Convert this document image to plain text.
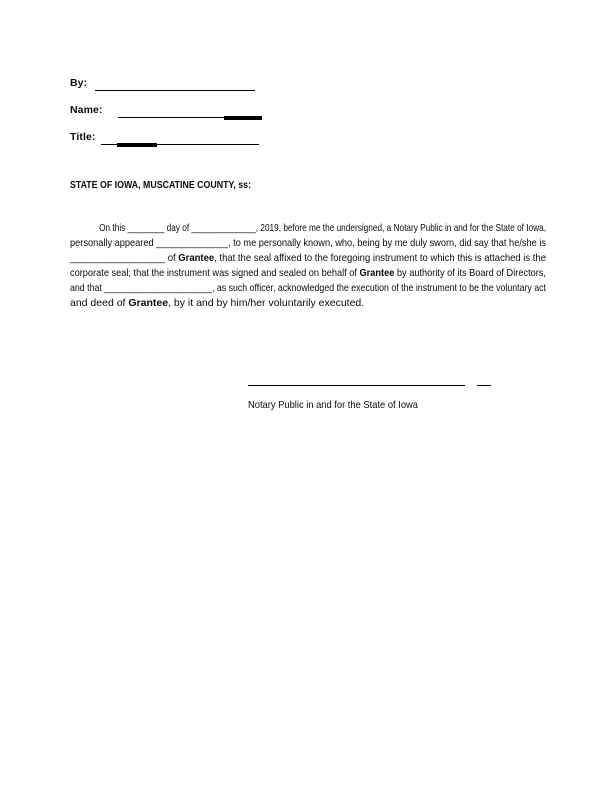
By:
Name:
Title:
STATE OF IOWA, MUSCATINE COUNTY, ss:
On this ________ day of ______________, 2019, before me the undersigned, a Notary Public in and for the State of Iowa,
personally appeared ______________, to me personally known, who, being by me duly sworn, did say that he/she is
__________________ of Grantee, that the seal affixed to the foregoing instrument to which this is attached is the
corporate seal; that the instrument was signed and sealed on behalf of Grantee by authority of its Board of Directors,
and that ______________________, as such officer, acknowledged the execution of the instrument to be the voluntary act
and deed of Grantee, by it and by him/her voluntarily executed.
Notary Public in and for the State of Iowa
